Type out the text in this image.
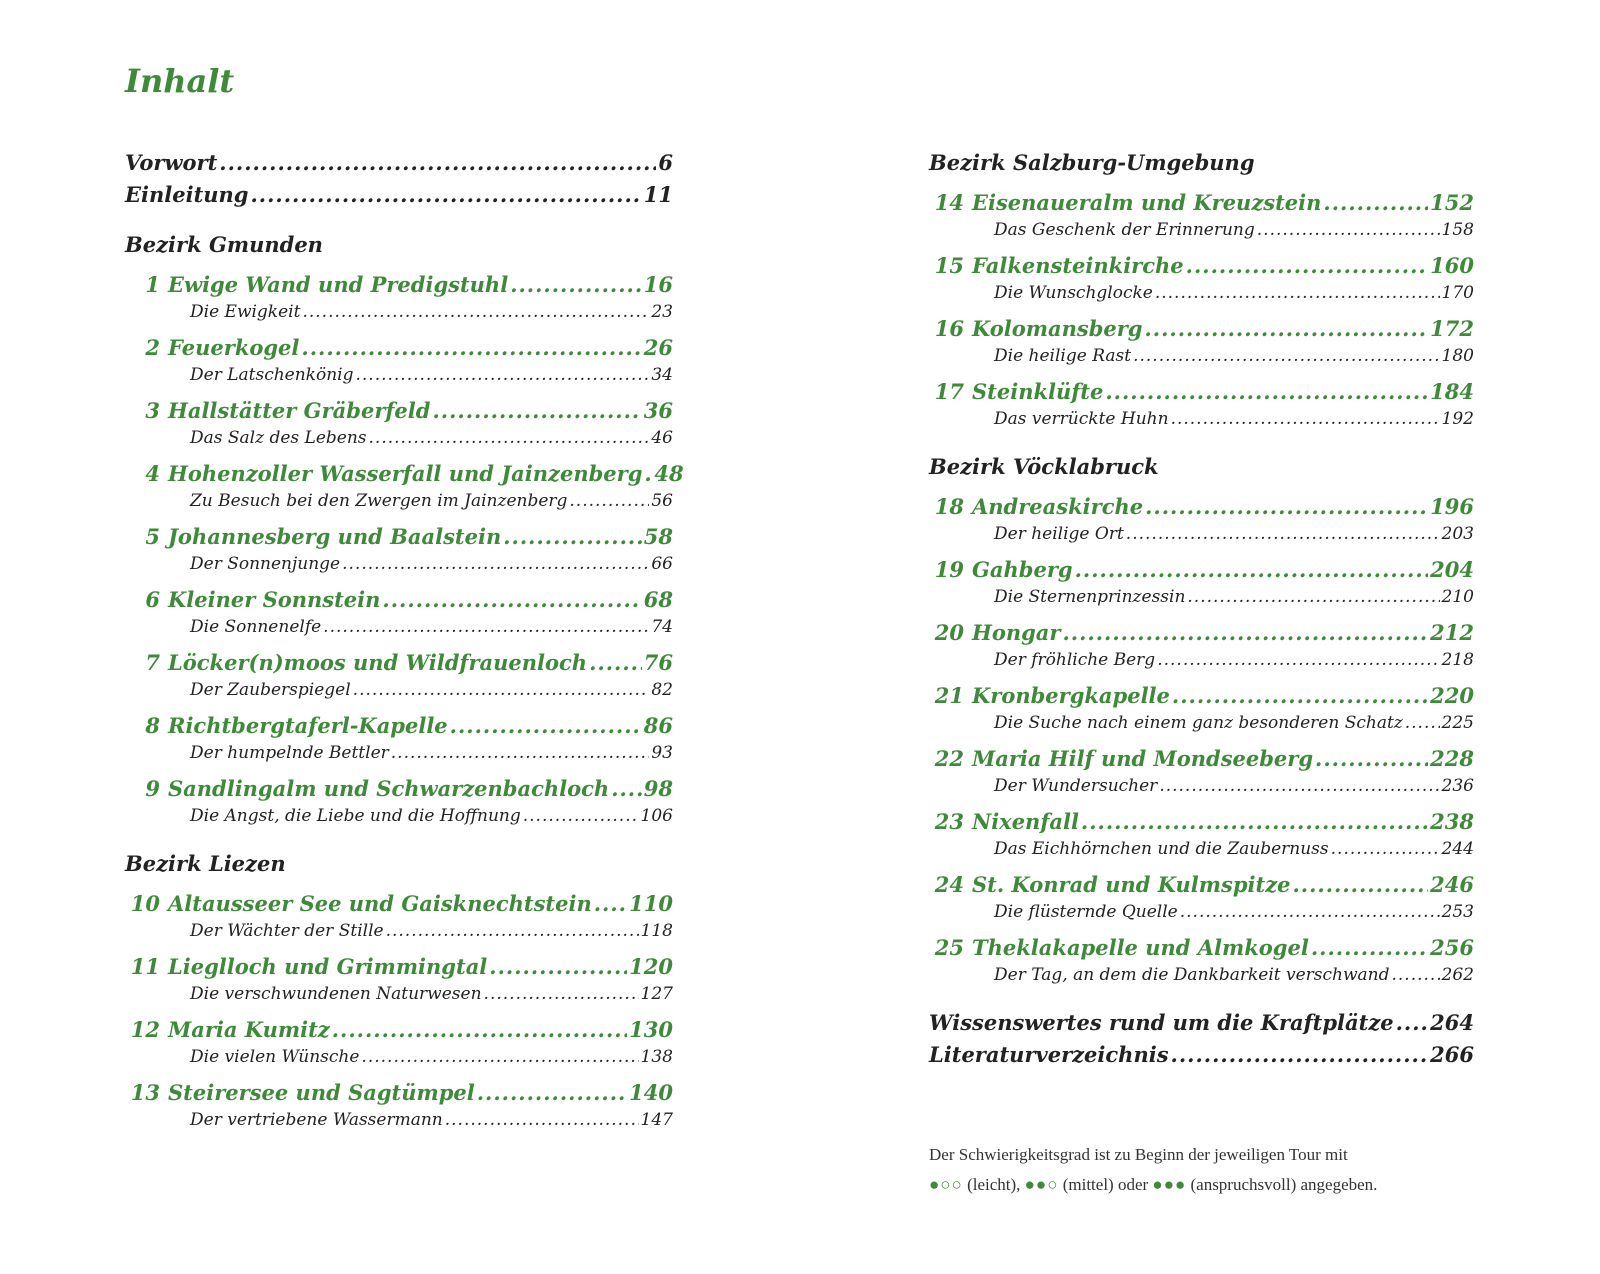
Inhalt
Vorwort .....	6
Einleitung .....	11
Bezirk Gmunden
1 Ewige Wand und Predigstuhl .....	16
Die Ewigkeit .....	23
2 Feuerkogel .....	26
Der Latschenkönig .....	34
3 Hallstätter Gräberfeld .....	36
Das Salz des Lebens .....	46
4 Hohenzoller Wasserfall und Jainzenberg ..... 48
Zu Besuch bei den Zwergen im Jainzenberg .....	56
5 Johannesberg und Baalstein .....	58
Der Sonnenjunge .....	66
6 Kleiner Sonnstein .....	68
Die Sonnenelfe .....	74
7 Löcker(n)moos und Wildfrauenloch .....	76
Der Zauberspiegel .....	82
8 Richtbergtaferl-Kapelle .....	86
Der humpelnde Bettler .....	93
9 Sandlingalm und Schwarzenbachloch ..... 98
Die Angst, die Liebe und die Hoffnung .....	106
Bezirk Liezen
10 Altausseer See und Gaisknechtstein ..... 110
Der Wächter der Stille .....	118
11 Lieglloch und Grimmingtal .....	120
Die verschwundenen Naturwesen .....	127
12 Maria Kumitz .....	130
Die vielen Wünsche .....	138
13 Steirersee und Sagtümpel .....	140
Der vertriebene Wassermann .....	147
Bezirk Salzburg-Umgebung
14 Eisenaueralm und Kreuzstein .....	152
Das Geschenk der Erinnerung .....	158
15 Falkensteinkirche .....	160
Die Wunschglocke .....	170
16 Kolomansberg .....	172
Die heilige Rast .....	180
17 Steinklüfte .....	184
Das verrückte Huhn .....	192
Bezirk Vöcklabruck
18 Andreaskirche .....	196
Der heilige Ort .....	203
19 Gahberg .....	204
Die Sternenprinzessin .....	210
20 Hongar .....	212
Der fröhliche Berg .....	218
21 Kronbergkapelle .....	220
Die Suche nach einem ganz besonderen Schatz ..... 225
22 Maria Hilf und Mondseeberg .....	228
Der Wundersucher .....	236
23 Nixenfall .....	238
Das Eichhörnchen und die Zaubernuss .....	244
24 St. Konrad und Kulmspitze .....	246
Die flüsternde Quelle .....	253
25 Theklakapelle und Almkogel .....	256
Der Tag, an dem die Dankbarkeit verschwand .....	262
Wissenswertes rund um die Kraftplätze ..... 264
Literaturverzeichnis .....	266
Der Schwierigkeitsgrad ist zu Beginn der jeweiligen Tour mit
●○○ (leicht), ●●○ (mittel) oder ●●● (anspruchsvoll) angegeben.
